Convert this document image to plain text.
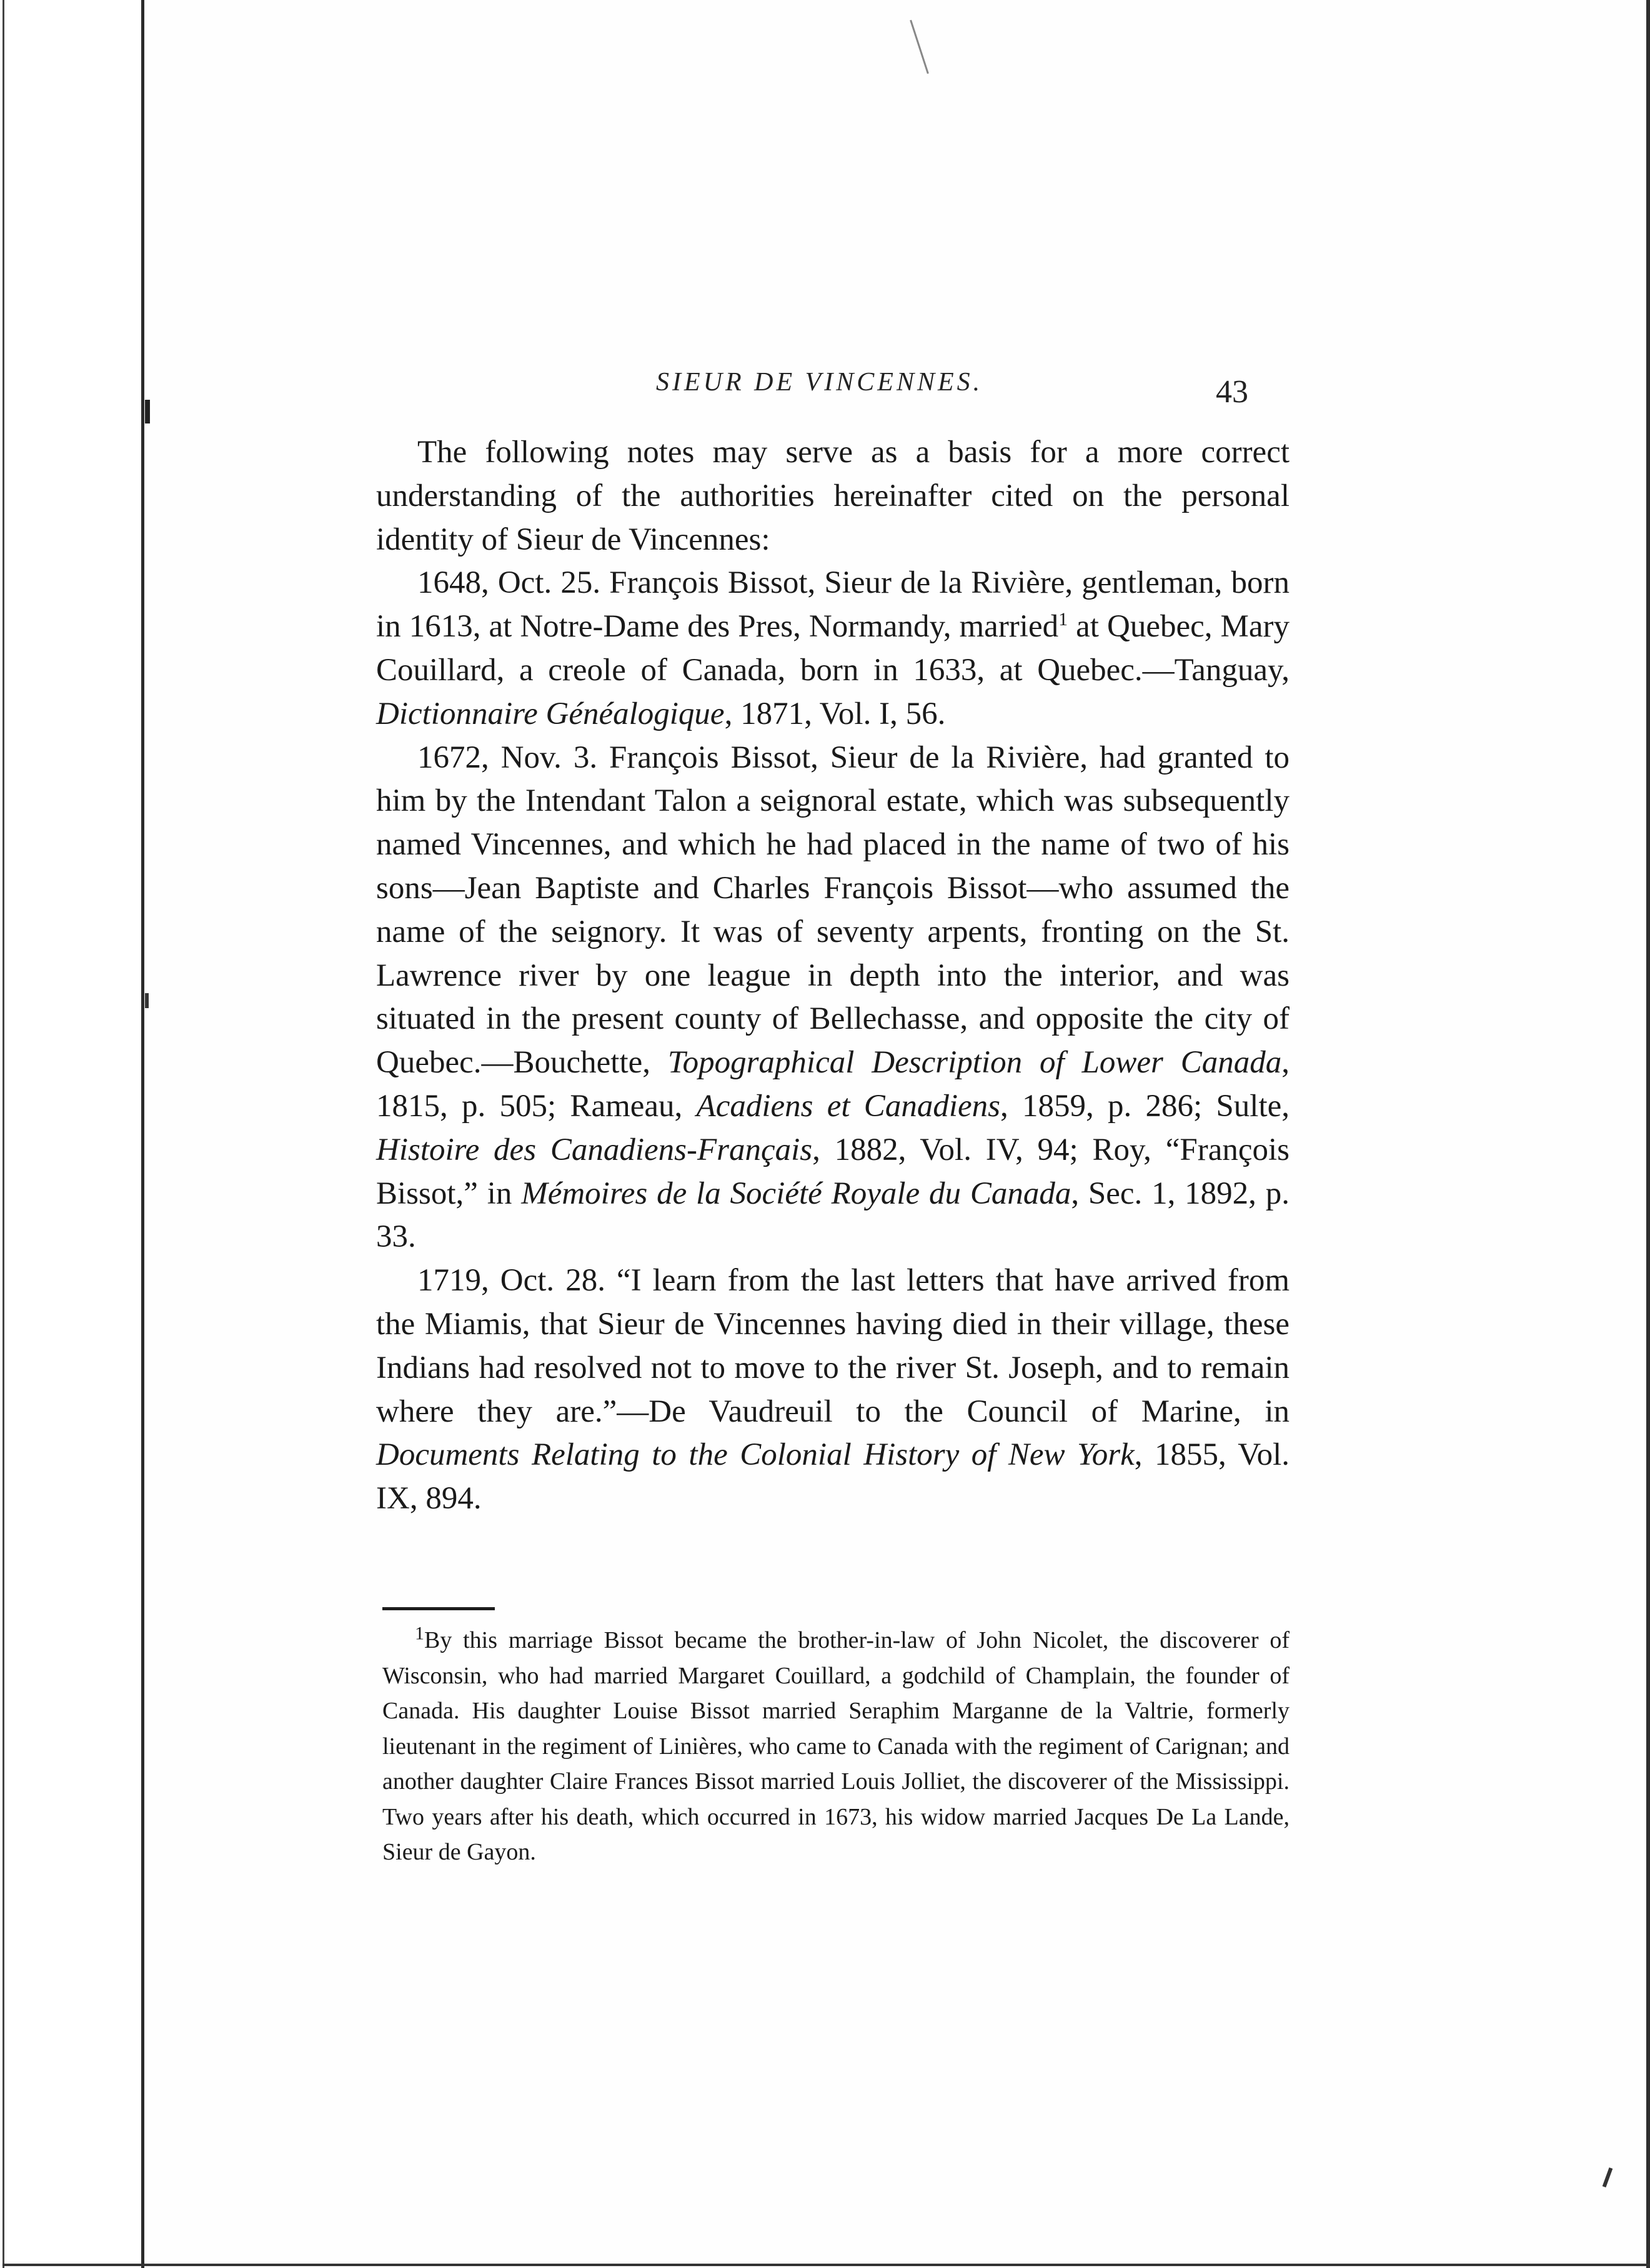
SIEUR DE VINCENNES.	43

The following notes may serve as a basis for a more correct understanding of the authorities hereinafter cited on the personal identity of Sieur de Vincennes:

1648, Oct. 25. François Bissot, Sieur de la Rivière, gentleman, born in 1613, at Notre-Dame des Pres, Normandy, married$^1$ at Quebec, Mary Couillard, a creole of Canada, born in 1633, at Quebec.—Tanguay, Dictionnaire Généalogique, 1871, Vol. I, 56.

1672, Nov. 3. François Bissot, Sieur de la Rivière, had granted to him by the Intendant Talon a seignoral estate, which was subsequently named Vincennes, and which he had placed in the name of two of his sons—Jean Baptiste and Charles François Bissot—who assumed the name of the seignory. It was of seventy arpents, fronting on the St. Lawrence river by one league in depth into the interior, and was situated in the present county of Bellechasse, and opposite the city of Quebec.—Bouchette, Topographical Description of Lower Canada, 1815, p. 505; Rameau, Acadiens et Canadiens, 1859, p. 286; Sulte, Histoire des Canadiens-Français, 1882, Vol. IV, 94; Roy, “François Bissot,” in Mémoires de la Société Royale du Canada, Sec. 1, 1892, p. 33.

1719, Oct. 28. “I learn from the last letters that have arrived from the Miamis, that Sieur de Vincennes having died in their village, these Indians had resolved not to move to the river St. Joseph, and to remain where they are.”—De Vaudreuil to the Council of Marine, in Documents Relating to the Colonial History of New York, 1855, Vol. IX, 894.

$^1$By this marriage Bissot became the brother-in-law of John Nicolet, the discoverer of Wisconsin, who had married Margaret Couillard, a godchild of Champlain, the founder of Canada. His daughter Louise Bissot married Seraphim Marganne de la Valtrie, formerly lieutenant in the regiment of Linières, who came to Canada with the regiment of Carignan; and another daughter Claire Frances Bissot married Louis Jolliet, the discoverer of the Mississippi. Two years after his death, which occurred in 1673, his widow married Jacques De La Lande, Sieur de Gayon.
